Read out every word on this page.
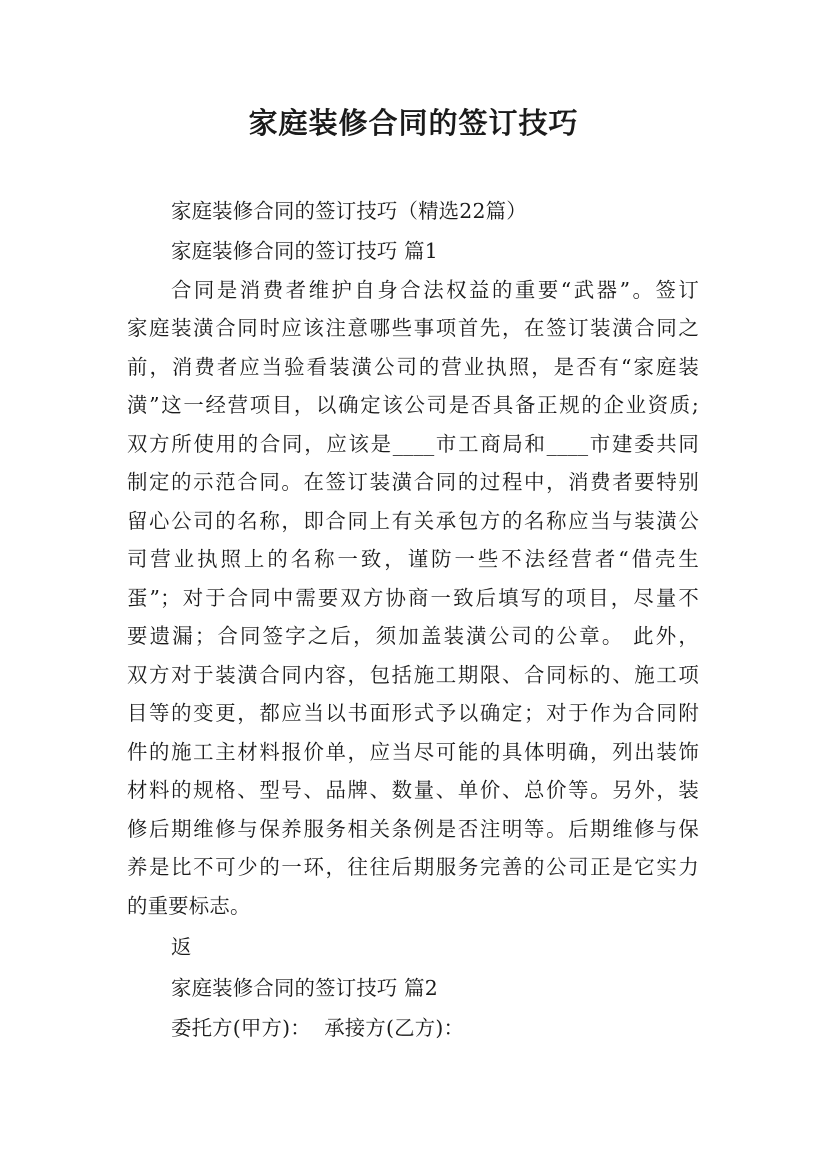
家庭装修合同的签订技巧
家庭装修合同的签订技巧（精选22篇）
家庭装修合同的签订技巧 篇1
合同是消费者维护自身合法权益的重要“武器”。签订
家庭装潢合同时应该注意哪些事项首先，在签订装潢合同之
前，消费者应当验看装潢公司的营业执照，是否有“家庭装
潢”这一经营项目，以确定该公司是否具备正规的企业资质;
双方所使用的合同，应该是____市工商局和____市建委共同
制定的示范合同。在签订装潢合同的过程中，消费者要特别
留心公司的名称，即合同上有关承包方的名称应当与装潢公
司营业执照上的名称一致，谨防一些不法经营者“借壳生
蛋”；对于合同中需要双方协商一致后填写的项目，尽量不
要遗漏；合同签字之后，须加盖装潢公司的公章。 此外，
双方对于装潢合同内容，包括施工期限、合同标的、施工项
目等的变更，都应当以书面形式予以确定；对于作为合同附
件的施工主材料报价单，应当尽可能的具体明确，列出装饰
材料的规格、型号、品牌、数量、单价、总价等。另外，装
修后期维修与保养服务相关条例是否注明等。后期维修与保
养是比不可少的一环，往往后期服务完善的公司正是它实力
的重要标志。
返
家庭装修合同的签订技巧 篇2
委托方(甲方)：  承接方(乙方)：
